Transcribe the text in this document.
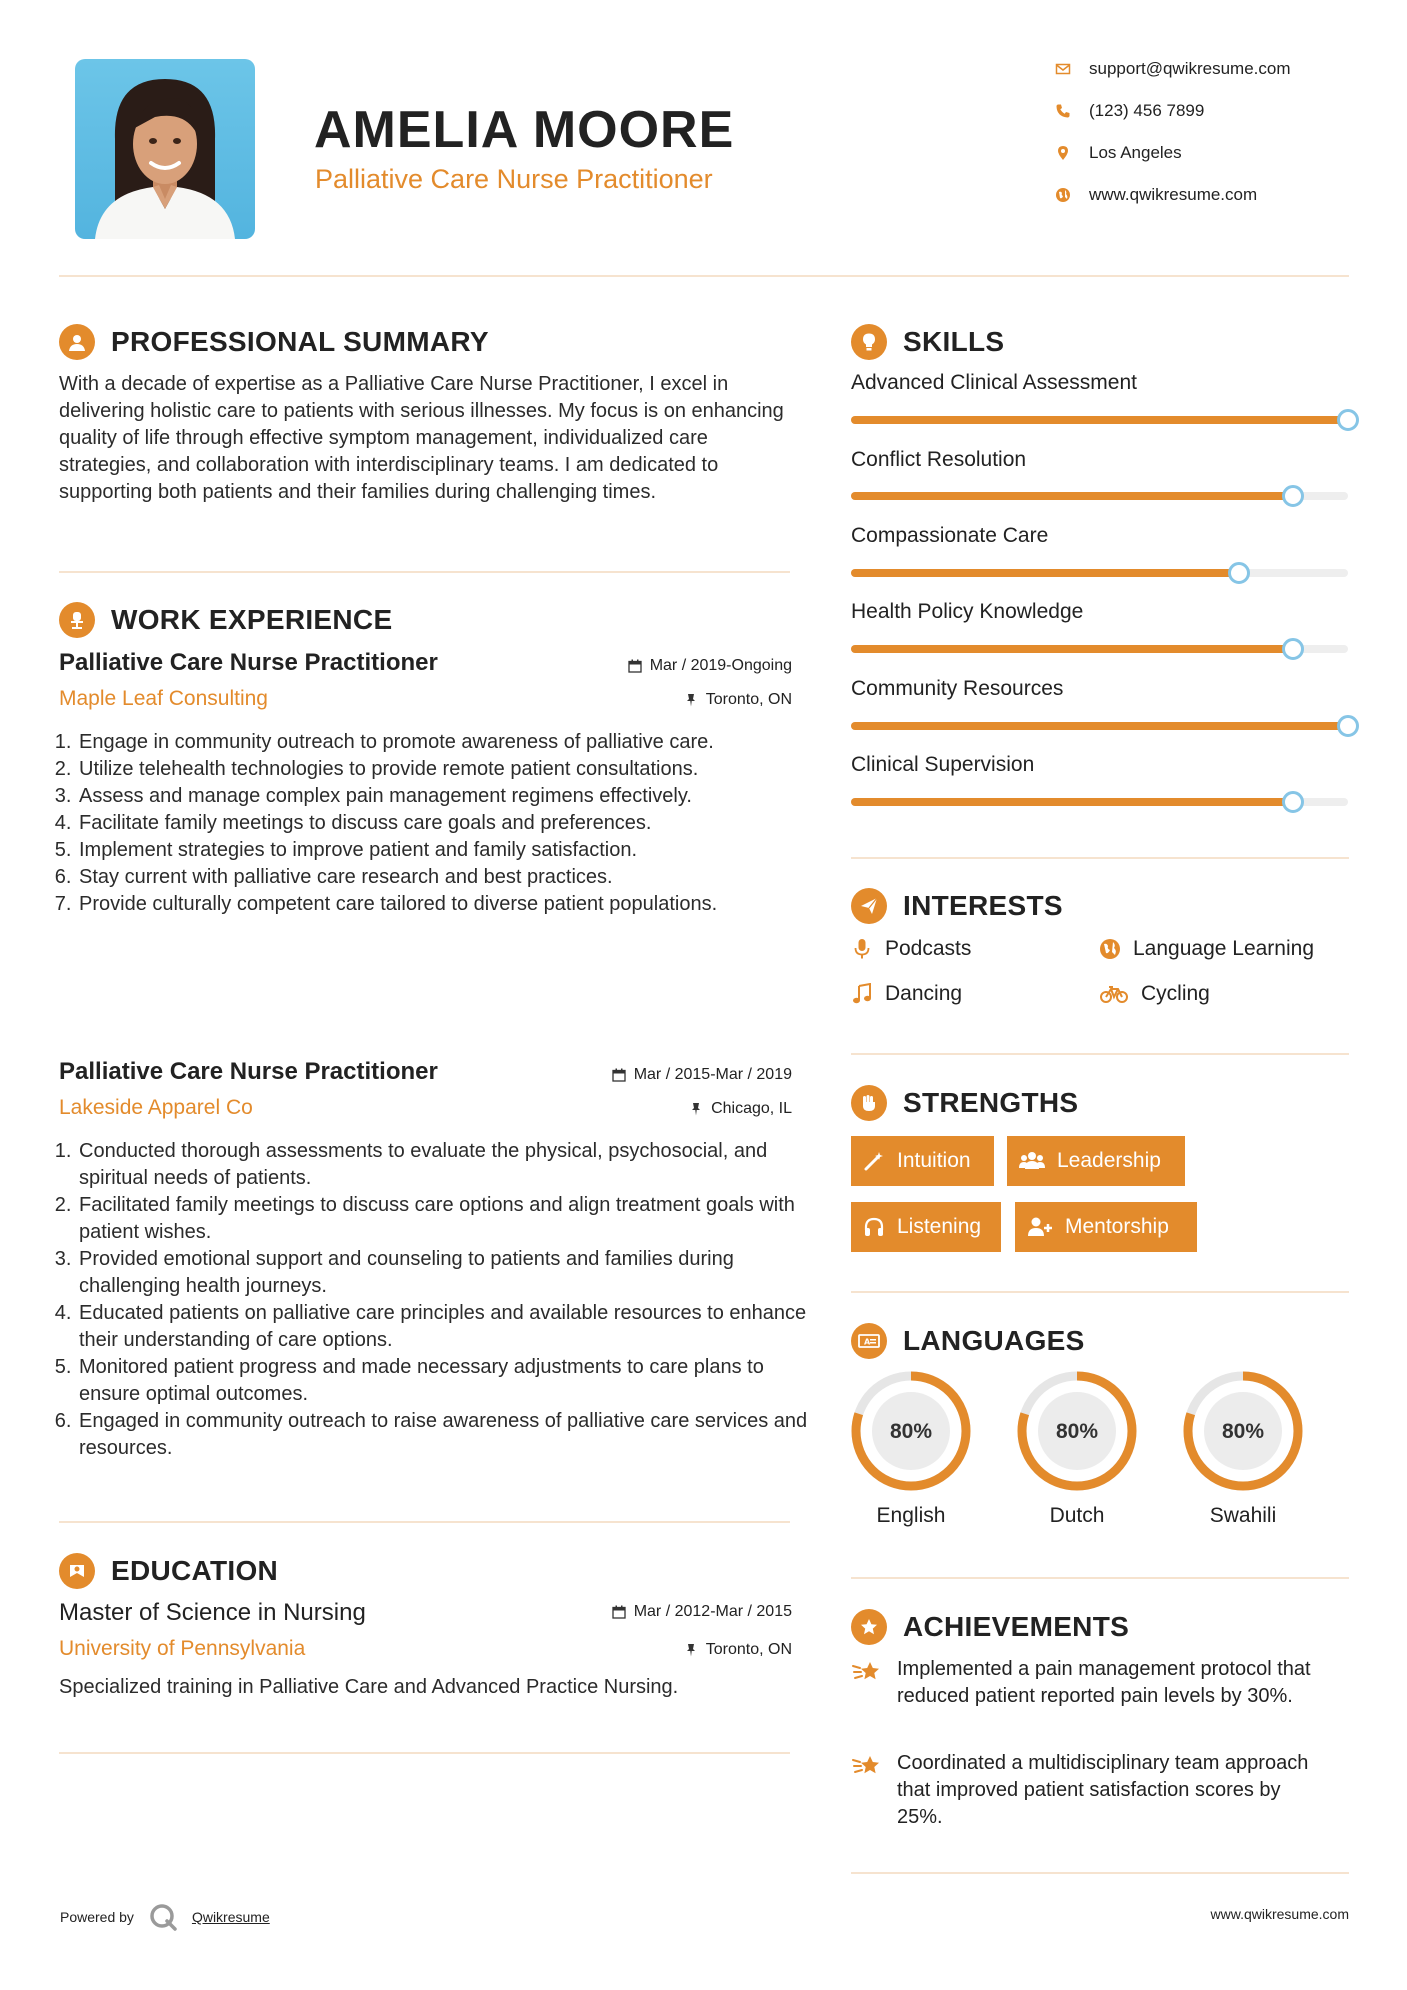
AMELIA MOORE
Palliative Care Nurse Practitioner
support@qwikresume.com
(123) 456 7899
Los Angeles
www.qwikresume.com
PROFESSIONAL SUMMARY
With a decade of expertise as a Palliative Care Nurse Practitioner, I excel in delivering holistic care to patients with serious illnesses. My focus is on enhancing quality of life through effective symptom management, individualized care strategies, and collaboration with interdisciplinary teams. I am dedicated to supporting both patients and their families during challenging times.
WORK EXPERIENCE
Palliative Care Nurse Practitioner	Mar / 2019-Ongoing
Maple Leaf Consulting	Toronto, ON
1. Engage in community outreach to promote awareness of palliative care.
2. Utilize telehealth technologies to provide remote patient consultations.
3. Assess and manage complex pain management regimens effectively.
4. Facilitate family meetings to discuss care goals and preferences.
5. Implement strategies to improve patient and family satisfaction.
6. Stay current with palliative care research and best practices.
7. Provide culturally competent care tailored to diverse patient populations.
Palliative Care Nurse Practitioner	Mar / 2015-Mar / 2019
Lakeside Apparel Co	Chicago, IL
1. Conducted thorough assessments to evaluate the physical, psychosocial, and spiritual needs of patients.
2. Facilitated family meetings to discuss care options and align treatment goals with patient wishes.
3. Provided emotional support and counseling to patients and families during challenging health journeys.
4. Educated patients on palliative care principles and available resources to enhance their understanding of care options.
5. Monitored patient progress and made necessary adjustments to care plans to ensure optimal outcomes.
6. Engaged in community outreach to raise awareness of palliative care services and resources.
EDUCATION
Master of Science in Nursing	Mar / 2012-Mar / 2015
University of Pennsylvania	Toronto, ON
Specialized training in Palliative Care and Advanced Practice Nursing.
SKILLS
Advanced Clinical Assessment
Conflict Resolution
Compassionate Care
Health Policy Knowledge
Community Resources
Clinical Supervision
INTERESTS
Podcasts	Language Learning
Dancing	Cycling
STRENGTHS
Intuition	Leadership
Listening	Mentorship
A LANGUAGES
80%
English
80%
Dutch
80%
Swahili
ACHIEVEMENTS
Implemented a pain management protocol that reduced patient reported pain levels by 30%.
Coordinated a multidisciplinary team approach that improved patient satisfaction scores by 25%.
Powered by	Qwikresume	www.qwikresume.com
